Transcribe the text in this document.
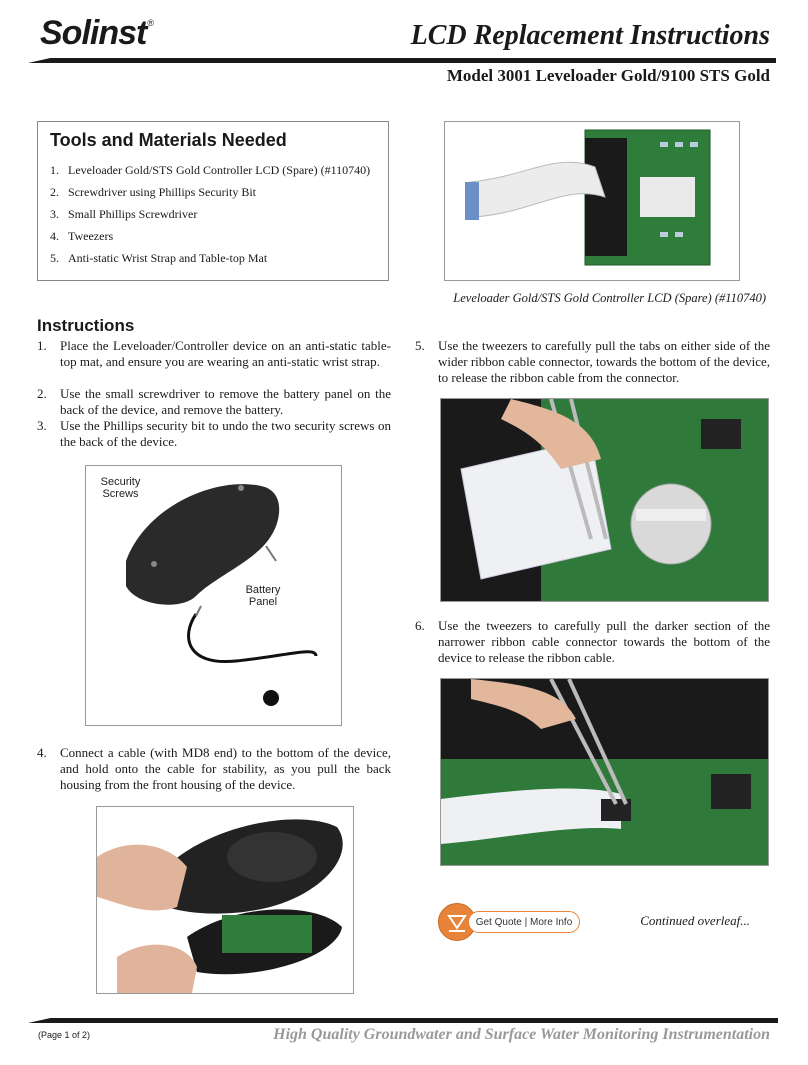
Solinst®	LCD Replacement Instructions
Model 3001 Leveloader Gold/9100 STS Gold
Tools and Materials Needed
1. Leveloader Gold/STS Gold Controller LCD (Spare) (#110740)
2. Screwdriver using Phillips Security Bit
3. Small Phillips Screwdriver
4. Tweezers
5. Anti-static Wrist Strap and Table-top Mat
Leveloader Gold/STS Gold Controller LCD (Spare) (#110740)
Instructions
1. Place the Leveloader/Controller device on an anti-static table-top mat, and ensure you are wearing an anti-static wrist strap.
2. Use the small screwdriver to remove the battery panel on the back of the device, and remove the battery.
3. Use the Phillips security bit to undo the two security screws on the back of the device.
Security Screws
Battery Panel
4. Connect a cable (with MD8 end) to the bottom of the device, and hold onto the cable for stability, as you pull the back housing from the front housing of the device.
5. Use the tweezers to carefully pull the tabs on either side of the wider ribbon cable connector, towards the bottom of the device, to release the ribbon cable from the connector.
6. Use the tweezers to carefully pull the darker section of the narrower ribbon cable connector towards the bottom of the device to release the ribbon cable.
Get Quote | More Info	Continued overleaf...
(Page 1 of 2)	High Quality Groundwater and Surface Water Monitoring Instrumentation
